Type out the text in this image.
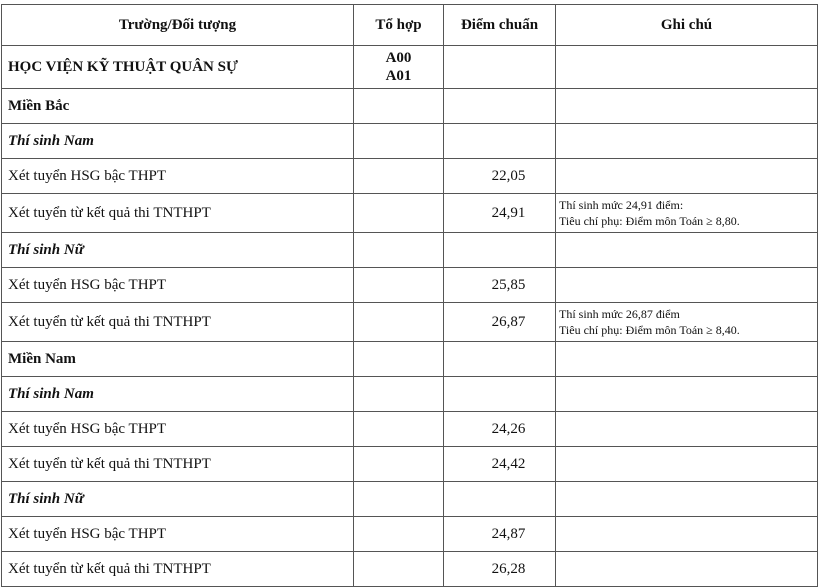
Trường/Đối tượng	Tổ hợp	Điểm chuẩn	Ghi chú
HỌC VIỆN KỸ THUẬT QUÂN SỰ	A00
A01		

Miền Bắc			
Thí sinh Nam			
Xét tuyển HSG bậc THPT		22,05	
Xét tuyển từ kết quả thi TNTHPT		24,91	Thí sinh mức 24,91 điểm:
Tiêu chí phụ: Điểm môn Toán ≥ 8,80.

Thí sinh Nữ			
Xét tuyển HSG bậc THPT		25,85	
Xét tuyển từ kết quả thi TNTHPT		26,87	Thí sinh mức 26,87 điểm
Tiêu chí phụ: Điểm môn Toán ≥ 8,40.

Miền Nam			
Thí sinh Nam			
Xét tuyển HSG bậc THPT		24,26	
Xét tuyển từ kết quả thi TNTHPT		24,42	
Thí sinh Nữ			
Xét tuyển HSG bậc THPT		24,87	
Xét tuyển từ kết quả thi TNTHPT		26,28	
